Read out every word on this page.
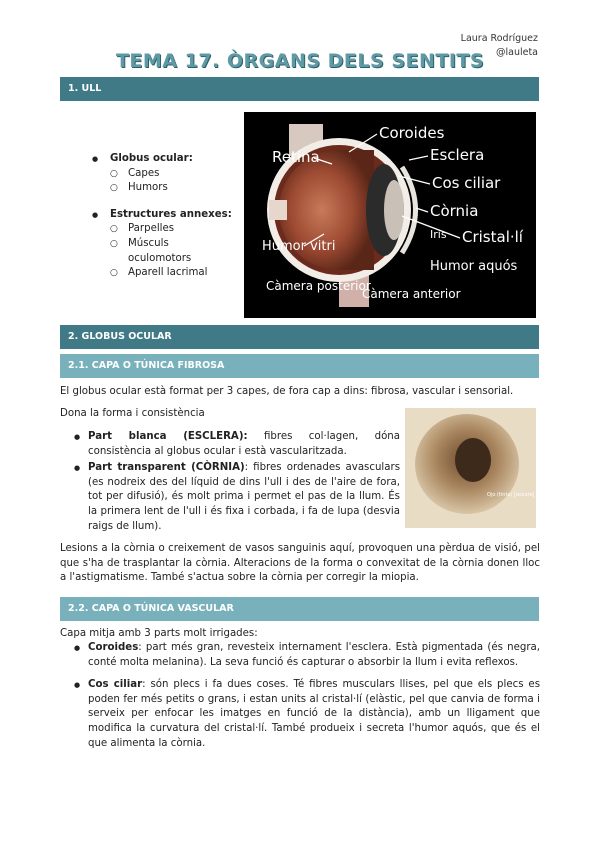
Laura Rodríguez
@lauleta
TEMA 17. ÒRGANS DELS SENTITS
1. ULL
● Globus ocular:
○ Capes
○ Humors
● Estructures annexes:
○ Parpelles
○ Músculs oculomotors
○ Aparell lacrimal
Coroides
Retina	Esclera
Cos ciliar
Còrnia
Iris Cristal·lí
Humor vitri
Humor aquós
Càmera posterior
Càmera anterior
2. GLOBUS OCULAR
2.1. CAPA O TÚNICA FIBROSA
El globus ocular està format per 3 capes, de fora cap a dins: fibrosa, vascular i sensorial.
Dona la forma i consistència
● Part blanca (ESCLERA): fibres col·lagen, dóna consistència al globus ocular i està vascularitzada.
● Part transparent (CÒRNIA): fibres ordenades avasculars (es nodreix des del líquid de dins l'ull i des de l'aire de fora, tot per difusió), és molt prima i permet el pas de la llum. És la primera lent de l'ull i és fixa i corbada, i fa de lupa (desvia raigs de llum).
Ojo (tinta) [oscuro]
Lesions a la còrnia o creixement de vasos sanguinis aquí, provoquen una pèrdua de visió, pel que s'ha de trasplantar la còrnia. Alteracions de la forma o convexitat de la còrnia donen lloc a l'astigmatisme. També s'actua sobre la còrnia per corregir la miopia.
2.2. CAPA O TÚNICA VASCULAR
Capa mitja amb 3 parts molt irrigades:
● Coroides: part més gran, revesteix internament l'esclera. Està pigmentada (és negra, conté molta melanina). La seva funció és capturar o absorbir la llum i evita reflexos.
● Cos ciliar: són plecs i fa dues coses. Té fibres musculars llises, pel que els plecs es poden fer més petits o grans, i estan units al cristal·lí (elàstic, pel que canvia de forma i serveix per enfocar les imatges en funció de la distància), amb un lligament que modifica la curvatura del cristal·lí. També produeix i secreta l'humor aquós, que és el que alimenta la còrnia.
